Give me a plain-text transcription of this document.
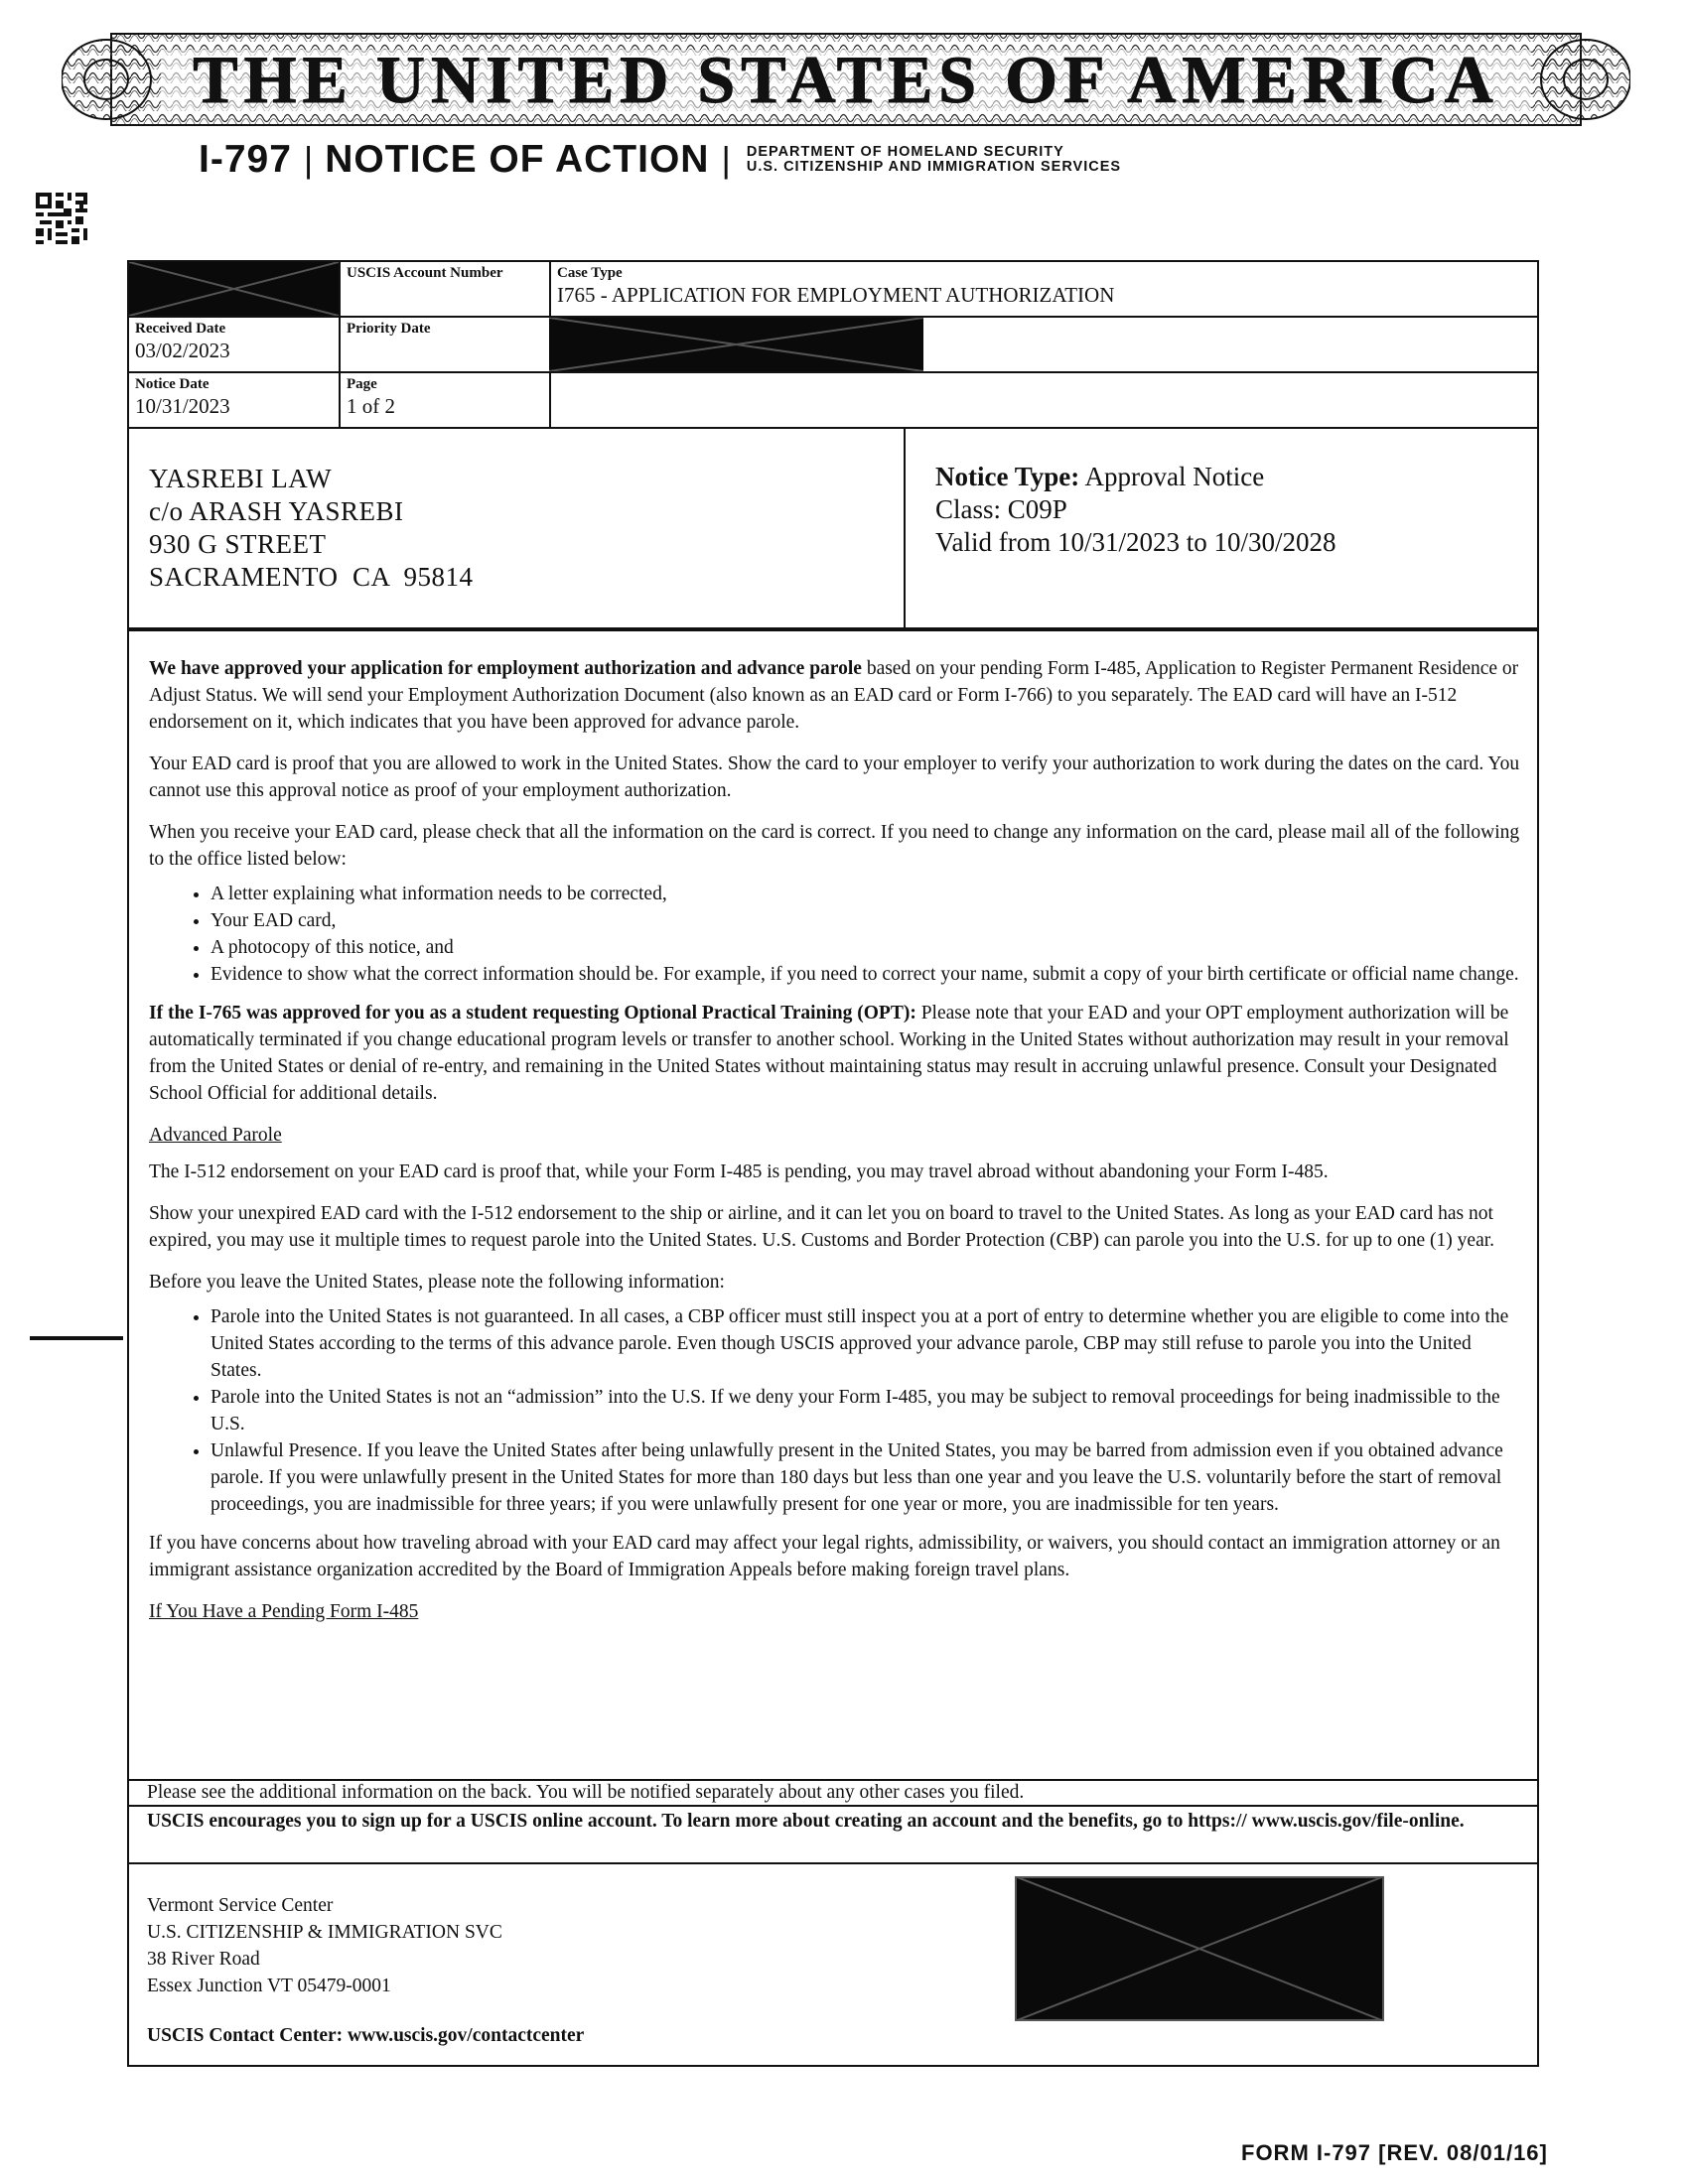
THE UNITED STATES OF AMERICA
I-797 | NOTICE OF ACTION | DEPARTMENT OF HOMELAND SECURITY
U.S. CITIZENSHIP AND IMMIGRATION SERVICES
USCIS Account Number	Case Type
I765 - APPLICATION FOR EMPLOYMENT AUTHORIZATION
Received Date
03/02/2023
Priority Date
Notice Date
10/31/2023
Page
1 of 2
YASREBI LAW
c/o ARASH YASREBI
930 G STREET
SACRAMENTO  CA  95814
Notice Type: Approval Notice
Class: C09P
Valid from 10/31/2023 to 10/30/2028

We have approved your application for employment authorization and advance parole based on your pending Form I-485, Application to Register Permanent Residence or Adjust Status. We will send your Employment Authorization Document (also known as an EAD card or Form I-766) to you separately. The EAD card will have an I-512 endorsement on it, which indicates that you have been approved for advance parole.

Your EAD card is proof that you are allowed to work in the United States. Show the card to your employer to verify your authorization to work during the dates on the card. You cannot use this approval notice as proof of your employment authorization.

When you receive your EAD card, please check that all the information on the card is correct. If you need to change any information on the card, please mail all of the following to the office listed below:

• A letter explaining what information needs to be corrected,
• Your EAD card,
• A photocopy of this notice, and
• Evidence to show what the correct information should be. For example, if you need to correct your name, submit a copy of your birth certificate or official name change.

If the I-765 was approved for you as a student requesting Optional Practical Training (OPT): Please note that your EAD and your OPT employment authorization will be automatically terminated if you change educational program levels or transfer to another school. Working in the United States without authorization may result in your removal from the United States or denial of re-entry, and remaining in the United States without maintaining status may result in accruing unlawful presence. Consult your Designated School Official for additional details.

Advanced Parole

The I-512 endorsement on your EAD card is proof that, while your Form I-485 is pending, you may travel abroad without abandoning your Form I-485.

Show your unexpired EAD card with the I-512 endorsement to the ship or airline, and it can let you on board to travel to the United States. As long as your EAD card has not expired, you may use it multiple times to request parole into the United States. U.S. Customs and Border Protection (CBP) can parole you into the U.S. for up to one (1) year.

Before you leave the United States, please note the following information:

• Parole into the United States is not guaranteed. In all cases, a CBP officer must still inspect you at a port of entry to determine whether you are eligible to come into the United States according to the terms of this advance parole. Even though USCIS approved your advance parole, CBP may still refuse to parole you into the United States.
• Parole into the United States is not an “admission” into the U.S. If we deny your Form I-485, you may be subject to removal proceedings for being inadmissible to the U.S.
• Unlawful Presence. If you leave the United States after being unlawfully present in the United States, you may be barred from admission even if you obtained advance parole. If you were unlawfully present in the United States for more than 180 days but less than one year and you leave the U.S. voluntarily before the start of removal proceedings, you are inadmissible for three years; if you were unlawfully present for one year or more, you are inadmissible for ten years.

If you have concerns about how traveling abroad with your EAD card may affect your legal rights, admissibility, or waivers, you should contact an immigration attorney or an immigrant assistance organization accredited by the Board of Immigration Appeals before making foreign travel plans.

If You Have a Pending Form I-485

Please see the additional information on the back. You will be notified separately about any other cases you filed.
USCIS encourages you to sign up for a USCIS online account. To learn more about creating an account and the benefits, go to https:// www.uscis.gov/file-online.
Vermont Service Center
U.S. CITIZENSHIP & IMMIGRATION SVC
38 River Road
Essex Junction VT 05479-0001
USCIS Contact Center: www.uscis.gov/contactcenter
FORM I-797 [REV. 08/01/16]
